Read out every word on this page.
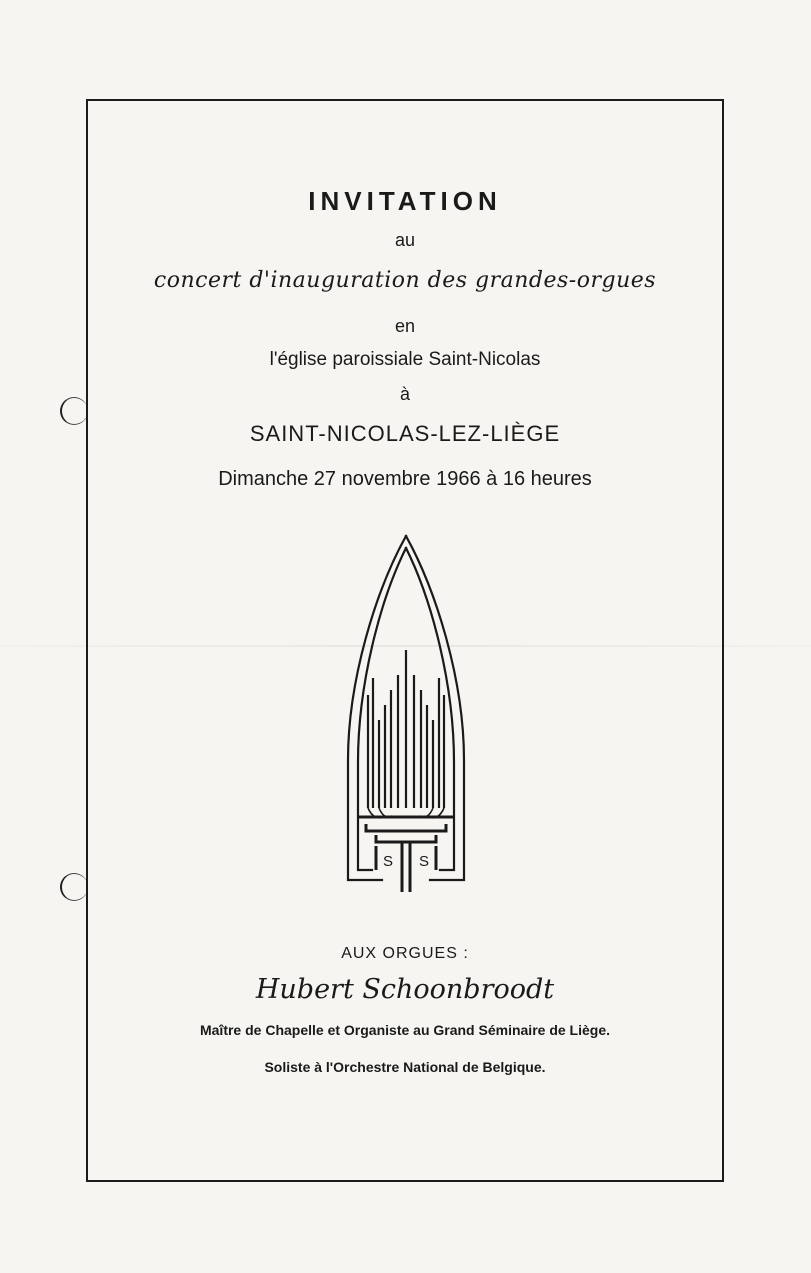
INVITATION
au
concert d'inauguration des grandes-orgues
en
l'église paroissiale Saint-Nicolas
à
SAINT-NICOLAS-LEZ-LIÈGE
Dimanche 27 novembre 1966 à 16 heures
S S
AUX ORGUES :
Hubert Schoonbroodt
Maître de Chapelle et Organiste au Grand Séminaire de Liège.
Soliste à l'Orchestre National de Belgique.
